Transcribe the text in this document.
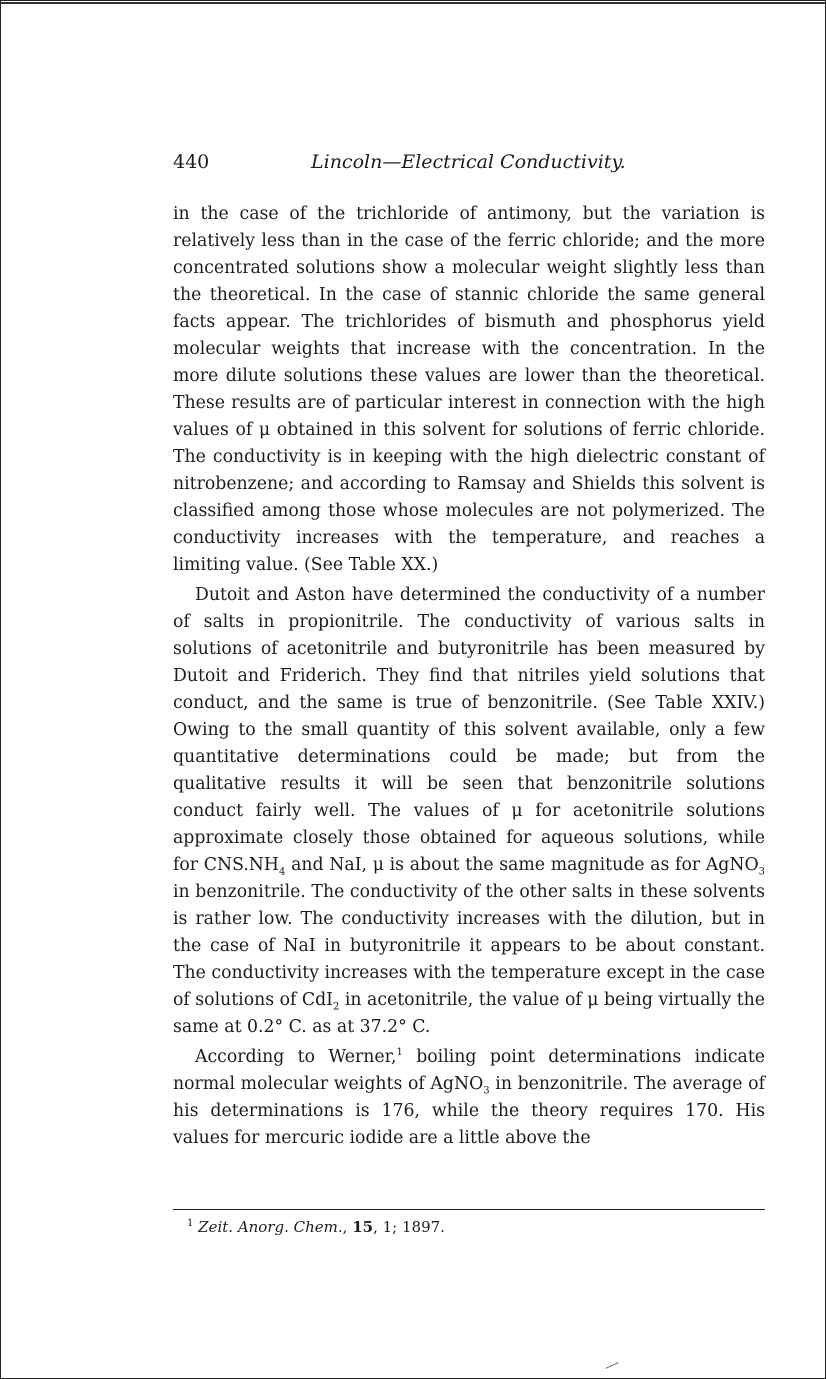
440	Lincoln—Electrical Conductivity.

in the case of the trichloride of antimony, but the variation is relatively less than in the case of the ferric chloride; and the more concentrated solutions show a molecular weight slightly less than the theoretical. In the case of stannic chloride the same general facts appear. The trichlorides of bismuth and phosphorus yield molecular weights that increase with the concentration. In the more dilute solutions these values are lower than the theoretical. These results are of particular interest in connection with the high values of μ obtained in this solvent for solutions of ferric chloride. The conductivity is in keeping with the high dielectric constant of nitrobenzene; and according to Ramsay and Shields this solvent is classified among those whose molecules are not polymerized. The conductivity increases with the temperature, and reaches a limiting value. (See Table XX.)

Dutoit and Aston have determined the conductivity of a number of salts in propionitrile. The conductivity of various salts in solutions of acetonitrile and butyronitrile has been measured by Dutoit and Friderich. They find that nitriles yield solutions that conduct, and the same is true of benzonitrile. (See Table XXIV.) Owing to the small quantity of this solvent available, only a few quantitative determinations could be made; but from the qualitative results it will be seen that benzonitrile solutions conduct fairly well. The values of μ for acetonitrile solutions approximate closely those obtained for aqueous solutions, while for $CNS.NH_4$ and NaI, μ is about the same magnitude as for AgNO$_3$ in benzonitrile. The conductivity of the other salts in these solvents is rather low. The conductivity increases with the dilution, but in the case of NaI in butyronitrile it appears to be about constant. The conductivity increases with the temperature except in the case of solutions of CdI$_2$ in acetonitrile, the value of μ being virtually the same at 0.2° C. as at 37.2° C.

According to Werner,$^1$ boiling point determinations indicate normal molecular weights of AgNO$_3$ in benzonitrile. The average of his determinations is 176, while the theory requires 170. His values for mercuric iodide are a little above the

$^1$ Zeit. Anorg. Chem., 15, 1; 1897.
